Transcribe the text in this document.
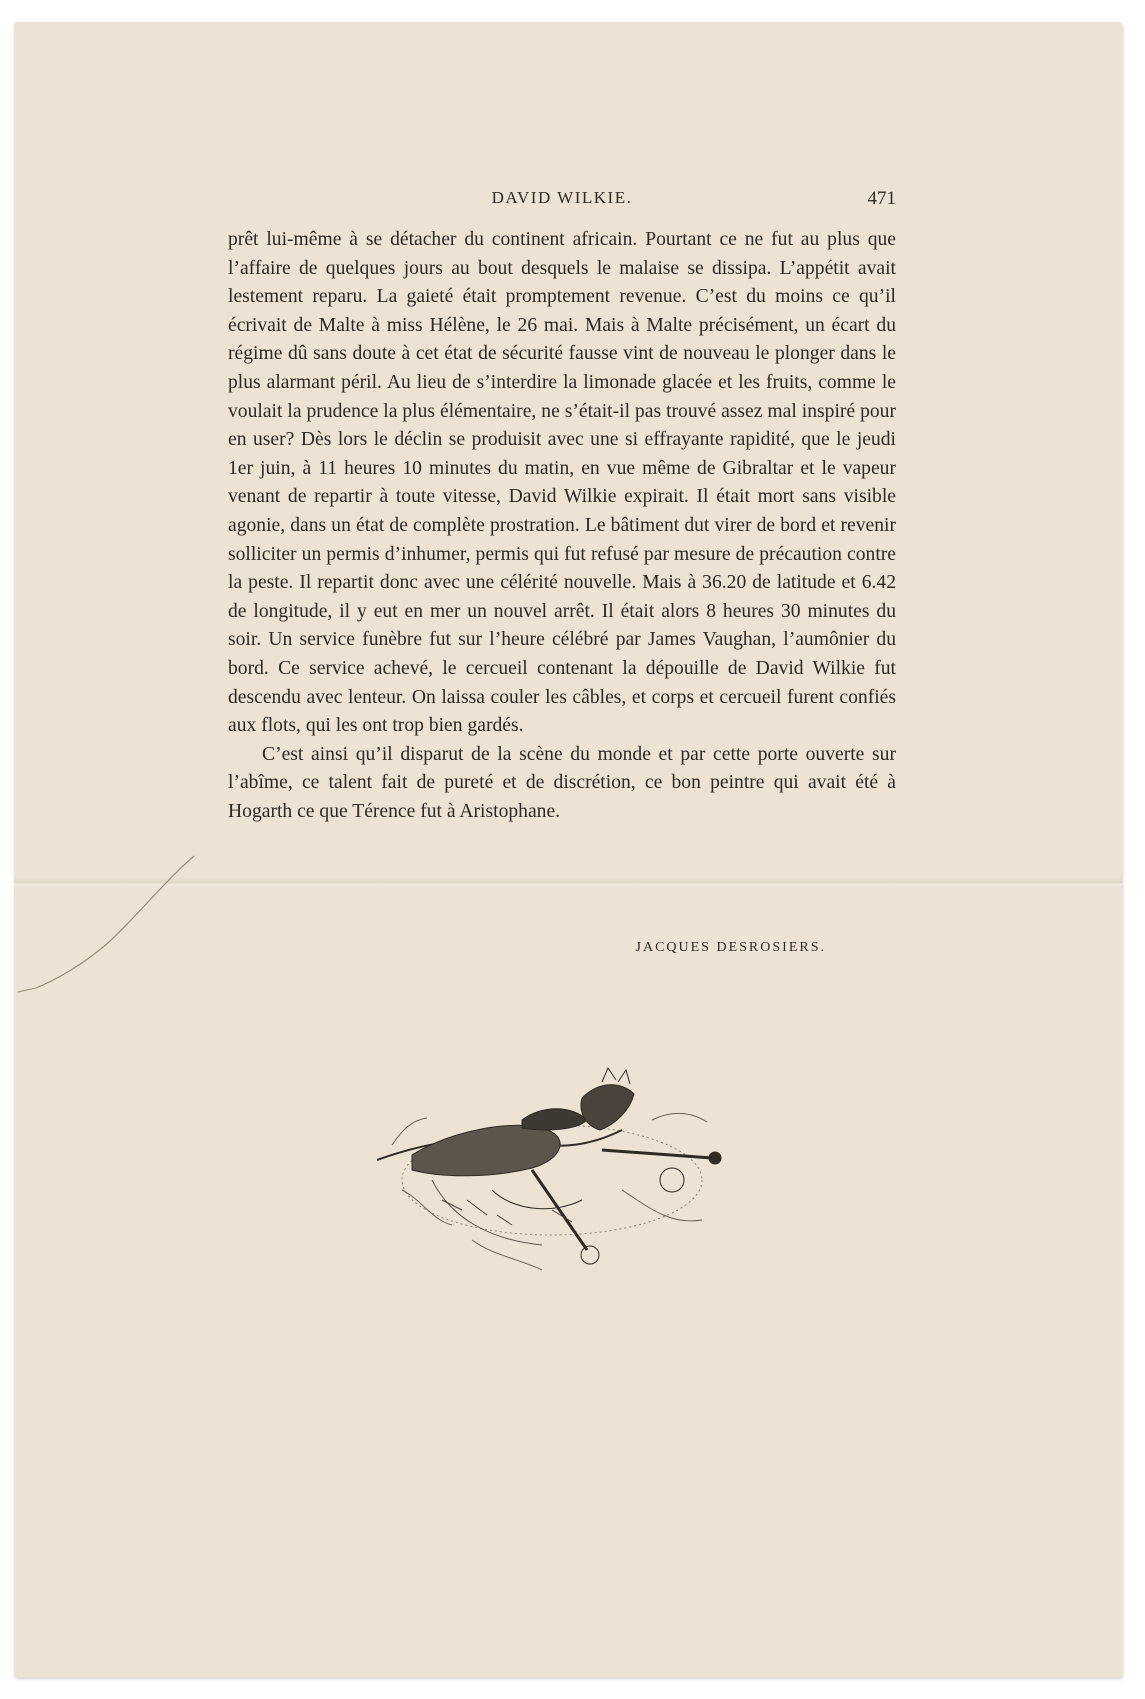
DAVID WILKIE.	471

prêt lui-même à se détacher du continent africain. Pourtant ce ne fut au plus que l’affaire de quelques jours au bout desquels le malaise se dissipa. L’appétit avait lestement reparu. La gaieté était promptement revenue. C’est du moins ce qu’il écrivait de Malte à miss Hélène, le 26 mai. Mais à Malte précisément, un écart du régime dû sans doute à cet état de sécurité fausse vint de nouveau le plonger dans le plus alarmant péril. Au lieu de s’interdire la limonade glacée et les fruits, comme le voulait la prudence la plus élémentaire, ne s’était-il pas trouvé assez mal inspiré pour en user? Dès lors le déclin se produisit avec une si effrayante rapidité, que le jeudi 1er juin, à 11 heures 10 minutes du matin, en vue même de Gibraltar et le vapeur venant de repartir à toute vitesse, David Wilkie expirait. Il était mort sans visible agonie, dans un état de complète prostration. Le bâtiment dut virer de bord et revenir solliciter un permis d’inhumer, permis qui fut refusé par mesure de précaution contre la peste. Il repartit donc avec une célérité nouvelle. Mais à 36.20 de latitude et 6.42 de longitude, il y eut en mer un nouvel arrêt. Il était alors 8 heures 30 minutes du soir. Un service funèbre fut sur l’heure célébré par James Vaughan, l’aumônier du bord. Ce service achevé, le cercueil contenant la dépouille de David Wilkie fut descendu avec lenteur. On laissa couler les câbles, et corps et cercueil furent confiés aux flots, qui les ont trop bien gardés.

C’est ainsi qu’il disparut de la scène du monde et par cette porte ouverte sur l’abîme, ce talent fait de pureté et de discrétion, ce bon peintre qui avait été à Hogarth ce que Térence fut à Aristophane.

JACQUES DESROSIERS.
